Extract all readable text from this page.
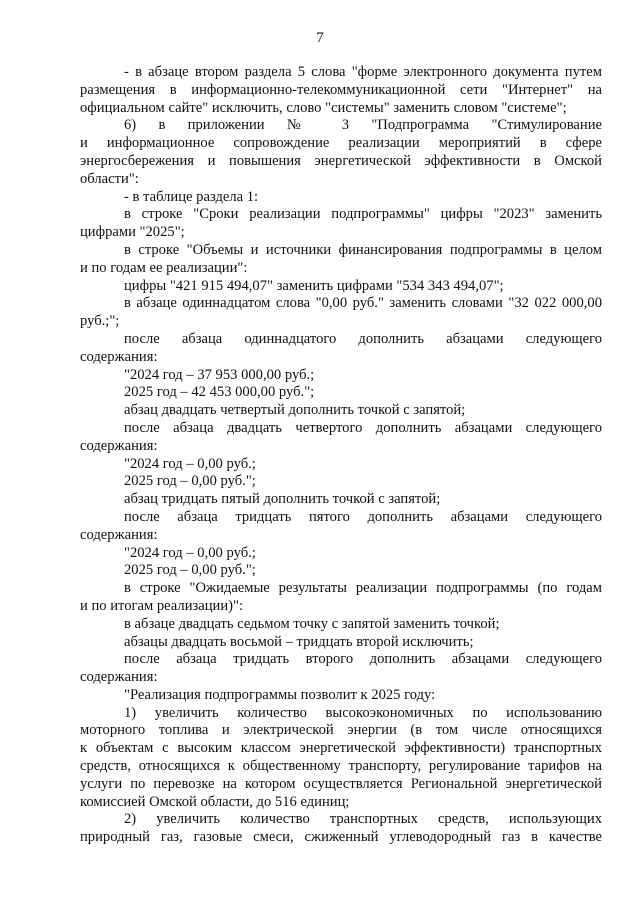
7
- в абзаце втором раздела 5 слова "форме электронного документа путем
размещения в информационно-телекоммуникационной сети "Интернет" на
официальном сайте" исключить, слово "системы" заменить словом "системе";
6) в приложении № 3 "Подпрограмма "Стимулирование
и информационное сопровождение реализации мероприятий в сфере
энергосбережения и повышения энергетической эффективности в Омской
области":
- в таблице раздела 1:
в строке "Сроки реализации подпрограммы" цифры "2023" заменить
цифрами "2025";
в строке "Объемы и источники финансирования подпрограммы в целом
и по годам ее реализации":
цифры "421 915 494,07" заменить цифрами "534 343 494,07";
в абзаце одиннадцатом слова "0,00 руб." заменить словами "32 022 000,00
руб.;";
после абзаца одиннадцатого дополнить абзацами следующего
содержания:
"2024 год – 37 953 000,00 руб.;
2025 год – 42 453 000,00 руб.";
абзац двадцать четвертый дополнить точкой с запятой;
после абзаца двадцать четвертого дополнить абзацами следующего
содержания:
"2024 год – 0,00 руб.;
2025 год – 0,00 руб.";
абзац тридцать пятый дополнить точкой с запятой;
после абзаца тридцать пятого дополнить абзацами следующего
содержания:
"2024 год – 0,00 руб.;
2025 год – 0,00 руб.";
в строке "Ожидаемые результаты реализации подпрограммы (по годам
и по итогам реализации)":
в абзаце двадцать седьмом точку с запятой заменить точкой;
абзацы двадцать восьмой – тридцать второй исключить;
после абзаца тридцать второго дополнить абзацами следующего
содержания:
"Реализация подпрограммы позволит к 2025 году:
1) увеличить количество высокоэкономичных по использованию
моторного топлива и электрической энергии (в том числе относящихся
к объектам с высоким классом энергетической эффективности) транспортных
средств, относящихся к общественному транспорту, регулирование тарифов на
услуги по перевозке на котором осуществляется Региональной энергетической
комиссией Омской области, до 516 единиц;
2) увеличить количество транспортных средств, использующих
природный газ, газовые смеси, сжиженный углеводородный газ в качестве
